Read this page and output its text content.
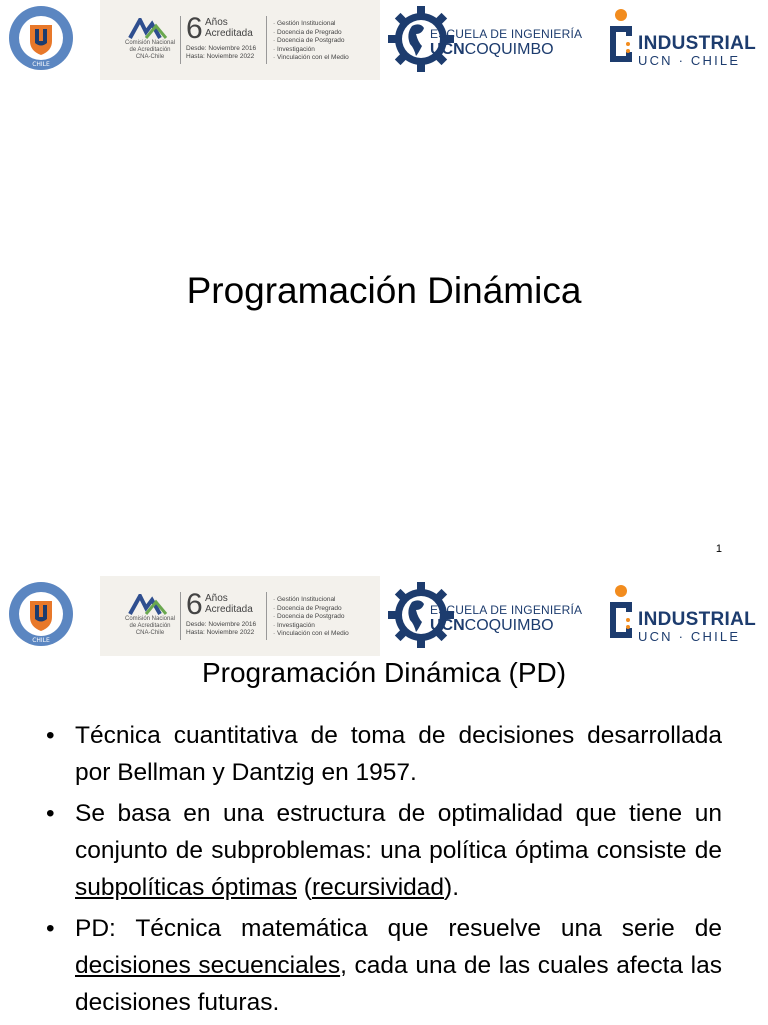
CHILE
Comisión Nacional
de Acreditación
CNA-Chile
6 Años
Acreditada
Desde: Noviembre 2016
Hasta: Noviembre 2022
· Gestión Institucional
· Docencia de Pregrado
· Docencia de Postgrado
· Investigación
· Vinculación con el Medio
ESCUELA DE INGENIERÍA
UCNCOQUIMBO	INDUSTRIAL
UCN · CHILE
Programación Dinámica
1
CHILE
Comisión Nacional
de Acreditación
CNA-Chile
6 Años
Acreditada
Desde: Noviembre 2016
Hasta: Noviembre 2022
· Gestión Institucional
· Docencia de Pregrado
· Docencia de Postgrado
· Investigación
· Vinculación con el Medio
ESCUELA DE INGENIERÍA
UCNCOQUIMBO	INDUSTRIAL
UCN · CHILE
Programación Dinámica (PD)
• Técnica cuantitativa de toma de decisiones desarrollada por Bellman y Dantzig en 1957.
• Se basa en una estructura de optimalidad que tiene un conjunto de subproblemas: una política óptima consiste de subpolíticas óptimas (recursividad).
• PD: Técnica matemática que resuelve una serie de decisiones secuenciales, cada una de las cuales afecta las decisiones futuras.
